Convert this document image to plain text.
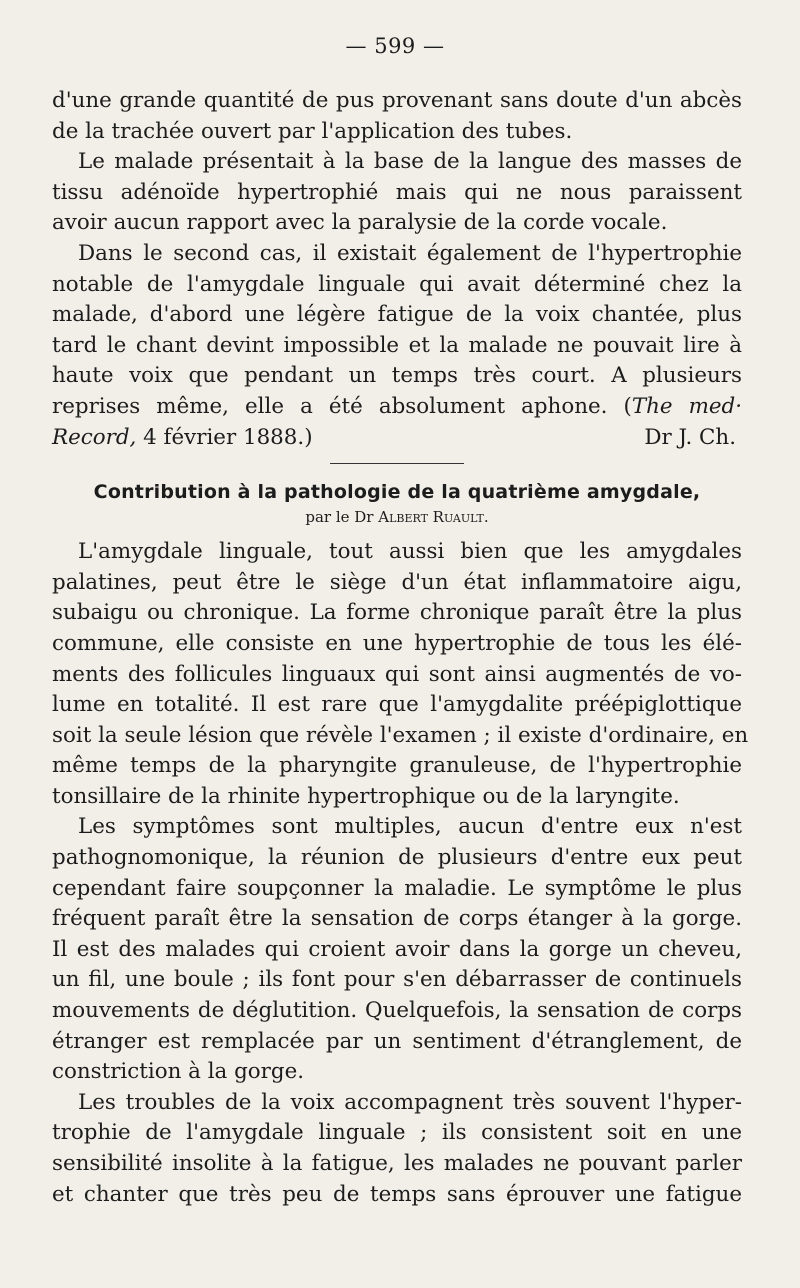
— 599 —
d'une grande quantité de pus provenant sans doute d'un abcès
de la trachée ouvert par l'application des tubes.
Le malade présentait à la base de la langue des masses de
tissu adénoïde hypertrophié mais qui ne nous paraissent
avoir aucun rapport avec la paralysie de la corde vocale.
Dans le second cas, il existait également de l'hypertrophie
notable de l'amygdale linguale qui avait déterminé chez la
malade, d'abord une légère fatigue de la voix chantée, plus
tard le chant devint impossible et la malade ne pouvait lire à
haute voix que pendant un temps très court. A plusieurs
reprises même, elle a été absolument aphone. (The med·
Record, 4 février 1888.)	Dr J. Ch.
Contribution à la pathologie de la quatrième amygdale,
par le Dr Albert Ruault.
L'amygdale linguale, tout aussi bien que les amygdales
palatines, peut être le siège d'un état inflammatoire aigu,
subaigu ou chronique. La forme chronique paraît être la plus
commune, elle consiste en une hypertrophie de tous les élé-
ments des follicules linguaux qui sont ainsi augmentés de vo-
lume en totalité. Il est rare que l'amygdalite préépiglottique
soit la seule lésion que révèle l'examen ; il existe d'ordinaire, en
même temps de la pharyngite granuleuse, de l'hypertrophie
tonsillaire de la rhinite hypertrophique ou de la laryngite.
Les symptômes sont multiples, aucun d'entre eux n'est
pathognomonique, la réunion de plusieurs d'entre eux peut
cependant faire soupçonner la maladie. Le symptôme le plus
fréquent paraît être la sensation de corps étanger à la gorge.
Il est des malades qui croient avoir dans la gorge un cheveu,
un fil, une boule ; ils font pour s'en débarrasser de continuels
mouvements de déglutition. Quelquefois, la sensation de corps
étranger est remplacée par un sentiment d'étranglement, de
constriction à la gorge.
Les troubles de la voix accompagnent très souvent l'hyper-
trophie de l'amygdale linguale ; ils consistent soit en une
sensibilité insolite à la fatigue, les malades ne pouvant parler
et chanter que très peu de temps sans éprouver une fatigue
